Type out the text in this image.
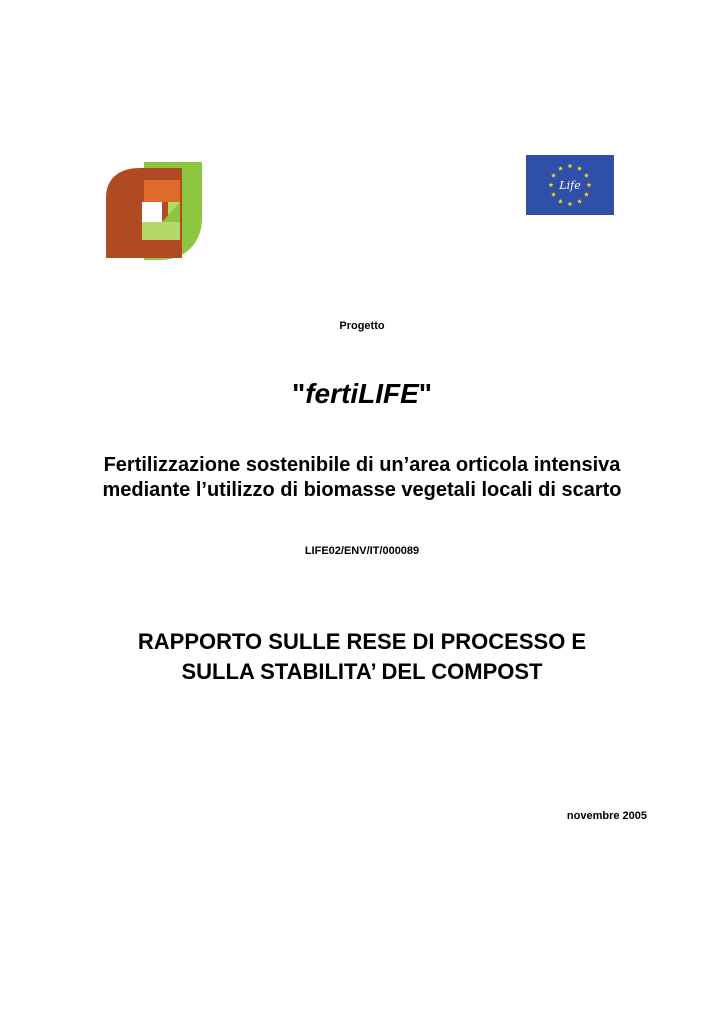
Life
Progetto
"fertiLIFE"
Fertilizzazione sostenibile di un’area orticola intensiva
mediante l’utilizzo di biomasse vegetali locali di scarto
LIFE02/ENV/IT/000089
RAPPORTO SULLE RESE DI PROCESSO E
SULLA STABILITA’ DEL COMPOST
novembre 2005
